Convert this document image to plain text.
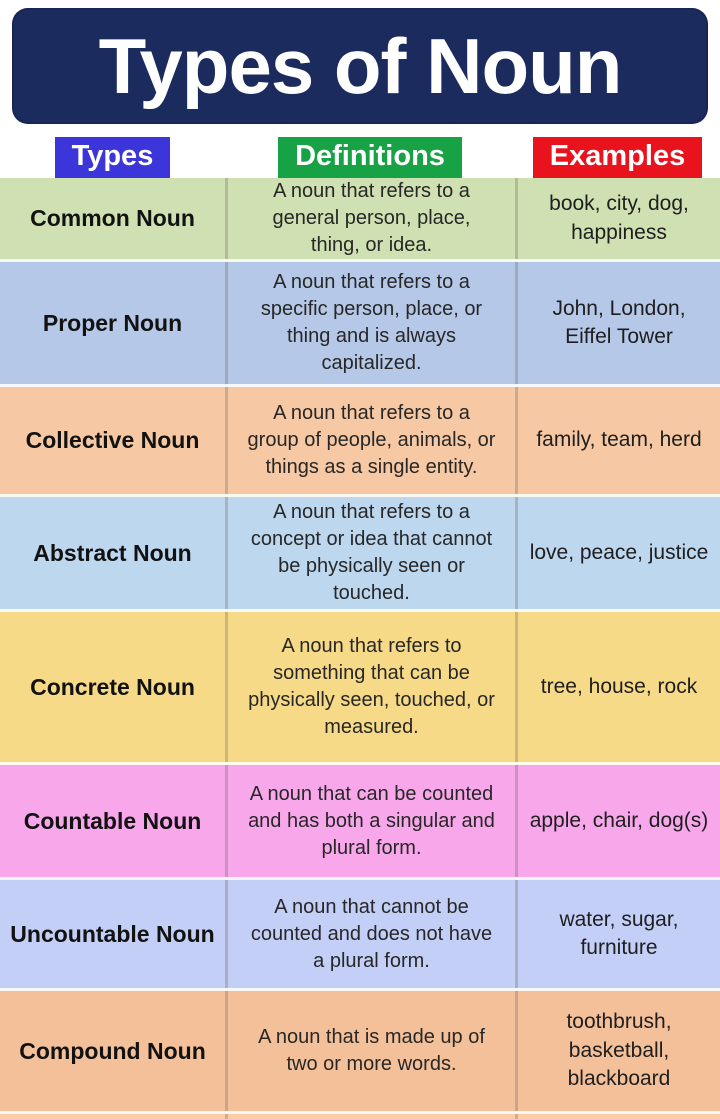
Types of Noun
Types	Definitions	Examples
Common Noun
A noun that refers to a general person, place, thing, or idea.
book, city, dog, happiness
Proper Noun
A noun that refers to a specific person, place, or thing and is always capitalized.
John, London, Eiffel Tower
Collective Noun
A noun that refers to a group of people, animals, or things as a single entity.
family, team, herd
Abstract Noun
A noun that refers to a concept or idea that cannot be physically seen or touched.
love, peace, justice
Concrete Noun
A noun that refers to something that can be physically seen, touched, or measured.
tree, house, rock
Countable Noun
A noun that can be counted and has both a singular and plural form.
apple, chair, dog(s)
Uncountable Noun
A noun that cannot be counted and does not have a plural form.
water, sugar, furniture
Compound Noun
A noun that is made up of two or more words.
toothbrush, basketball, blackboard
